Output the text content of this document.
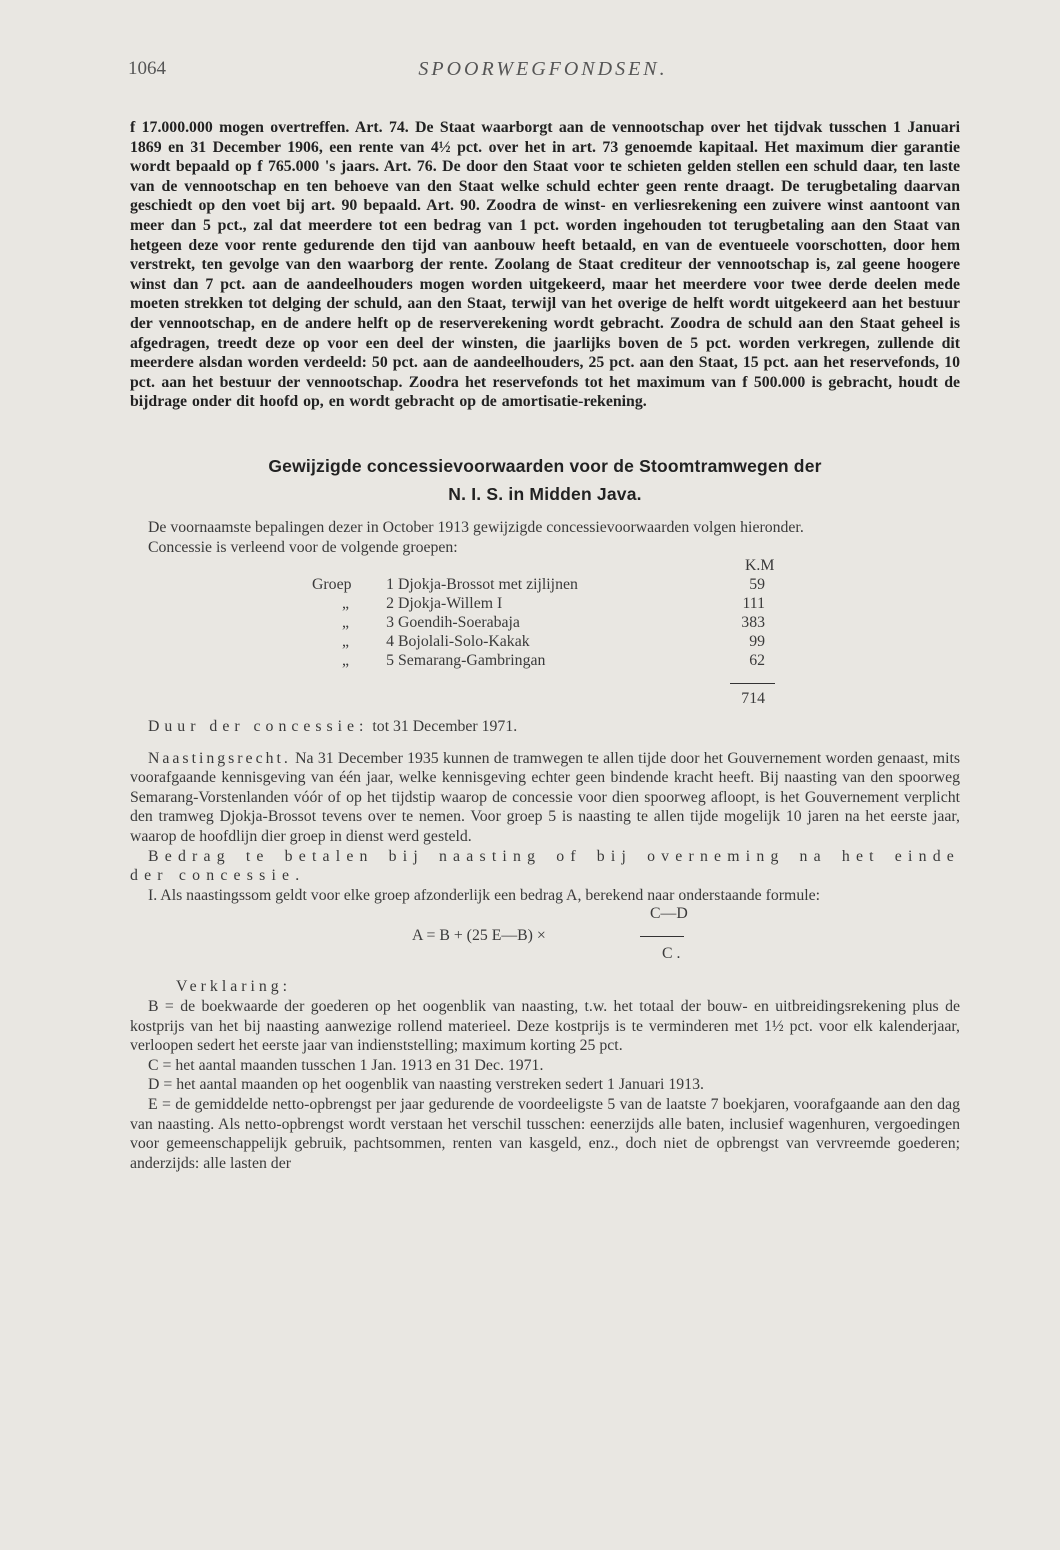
1064	SPOORWEGFONDSEN.

f 17.000.000 mogen overtreffen. Art. 74. De Staat waarborgt aan de vennootschap over het tijdvak tusschen 1 Januari 1869 en 31 December 1906, een rente van 4½ pct. over het in art. 73 genoemde kapitaal. Het maximum dier garantie wordt bepaald op f 765.000 's jaars. Art. 76. De door den Staat voor te schieten gelden stellen een schuld daar, ten laste van de vennootschap en ten behoeve van den Staat welke schuld echter geen rente draagt. De terugbetaling daarvan geschiedt op den voet bij art. 90 bepaald. Art. 90. Zoodra de winst- en verliesrekening een zuivere winst aantoont van meer dan 5 pct., zal dat meerdere tot een bedrag van 1 pct. worden ingehouden tot terugbetaling aan den Staat van hetgeen deze voor rente gedurende den tijd van aanbouw heeft betaald, en van de eventueele voorschotten, door hem verstrekt, ten gevolge van den waarborg der rente. Zoolang de Staat crediteur der vennootschap is, zal geene hoogere winst dan 7 pct. aan de aandeelhouders mogen worden uitgekeerd, maar het meerdere voor twee derde deelen mede moeten strekken tot delging der schuld, aan den Staat, terwijl van het overige de helft wordt uitgekeerd aan het bestuur der vennootschap, en de andere helft op de reserverekening wordt gebracht. Zoodra de schuld aan den Staat geheel is afgedragen, treedt deze op voor een deel der winsten, die jaarlijks boven de 5 pct. worden verkregen, zullende dit meerdere alsdan worden verdeeld: 50 pct. aan de aandeelhouders, 25 pct. aan den Staat, 15 pct. aan het reservefonds, 10 pct. aan het bestuur der vennootschap. Zoodra het reservefonds tot het maximum van f 500.000 is gebracht, houdt de bijdrage onder dit hoofd op, en wordt gebracht op de amortisatie-rekening.

Gewijzigde concessievoorwaarden voor de Stoomtramwegen der
N. I. S. in Midden Java.

De voornaamste bepalingen dezer in October 1913 gewijzigde concessievoorwaarden volgen hieronder.

Concessie is verleend voor de volgende groepen:

K.M
Groep	1 Djokja-Brossot met zijlijnen	59
„	2 Djokja-Willem I	111
„	3 Goendih-Soerabaja	383
„	4 Bojolali-Solo-Kakak	99
„	5 Semarang-Gambringan	62
714

Duur der concessie: tot 31 December 1971.

Naastingsrecht. Na 31 December 1935 kunnen de tramwegen te allen tijde door het Gouvernement worden genaast, mits voorafgaande kennisgeving van één jaar, welke kennisgeving echter geen bindende kracht heeft. Bij naasting van den spoorweg Semarang-Vorstenlanden vóór of op het tijdstip waarop de concessie voor dien spoorweg afloopt, is het Gouvernement verplicht den tramweg Djokja-Brossot tevens over te nemen. Voor groep 5 is naasting te allen tijde mogelijk 10 jaren na het eerste jaar, waarop de hoofdlijn dier groep in dienst werd gesteld.

Bedrag te betalen bij naasting of bij overneming na het einde der concessie.

I. Als naastingssom geldt voor elke groep afzonderlijk een bedrag A, berekend naar onderstaande formule:

C—D
A = B + (25 E—B) ×
C .

Verklaring:

B = de boekwaarde der goederen op het oogenblik van naasting, t.w. het totaal der bouw- en uitbreidingsrekening plus de kostprijs van het bij naasting aanwezige rollend materieel. Deze kostprijs is te verminderen met 1½ pct. voor elk kalenderjaar, verloopen sedert het eerste jaar van indienststelling; maximum korting 25 pct.

C = het aantal maanden tusschen 1 Jan. 1913 en 31 Dec. 1971.

D = het aantal maanden op het oogenblik van naasting verstreken sedert 1 Januari 1913.

E = de gemiddelde netto-opbrengst per jaar gedurende de voordeeligste 5 van de laatste 7 boekjaren, voorafgaande aan den dag van naasting. Als netto-opbrengst wordt verstaan het verschil tusschen: eenerzijds alle baten, inclusief wagenhuren, vergoedingen voor gemeenschappelijk gebruik, pachtsommen, renten van kasgeld, enz., doch niet de opbrengst van vervreemde goederen; anderzijds: alle lasten der
